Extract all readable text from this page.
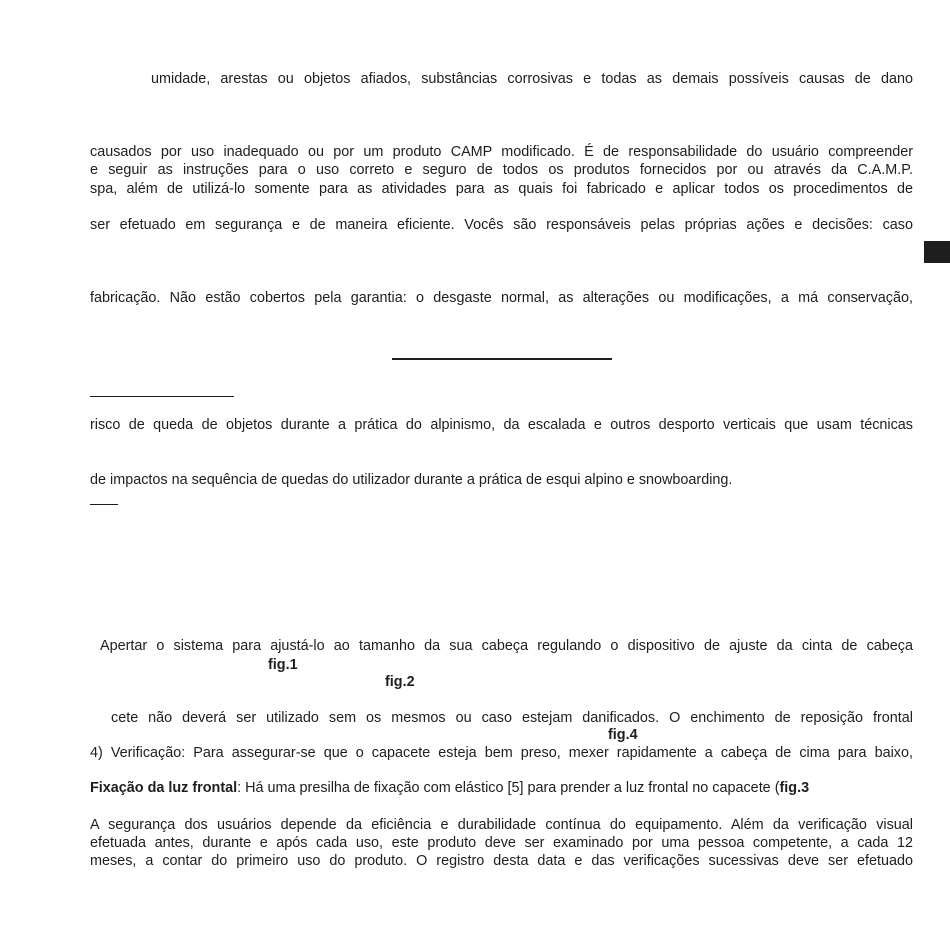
umidade, arestas ou objetos afiados, substâncias corrosivas e todas as demais possíveis causas de dano
causados por uso inadequado ou por um produto CAMP modificado. É de responsabilidade do usuário compreender
e seguir as instruções para o uso correto e seguro de todos os produtos fornecidos por ou através da C.A.M.P.
spa, além de utilizá-lo somente para as atividades para as quais foi fabricado e aplicar todos os procedimentos de
ser efetuado em segurança e de maneira eficiente. Vocês são responsáveis pelas próprias ações e decisões: caso
fabricação. Não estão cobertos pela garantia: o desgaste normal, as alterações ou modificações, a má conservação,
risco de queda de objetos durante a prática do alpinismo, da escalada e outros desporto verticais que usam técnicas
de impactos na sequência de quedas do utilizador durante a prática de esqui alpino e snowboarding.
Apertar o sistema para ajustá-lo ao tamanho da sua cabeça regulando o dispositivo de ajuste da cinta de cabeça
fig.1
fig.2
cete não deverá ser utilizado sem os mesmos ou caso estejam danificados. O enchimento de reposição frontal
fig.4
4) Verificação: Para assegurar-se que o capacete esteja bem preso, mexer rapidamente a cabeça de cima para baixo,
Fixação da luz frontal: Há uma presilha de fixação com elástico [5] para prender a luz frontal no capacete (fig.3
A segurança dos usuários depende da eficiência e durabilidade contínua do equipamento. Além da verificação visual
efetuada antes, durante e após cada uso, este produto deve ser examinado por uma pessoa competente, a cada 12
meses, a contar do primeiro uso do produto. O registro desta data e das verificações sucessivas deve ser efetuado
